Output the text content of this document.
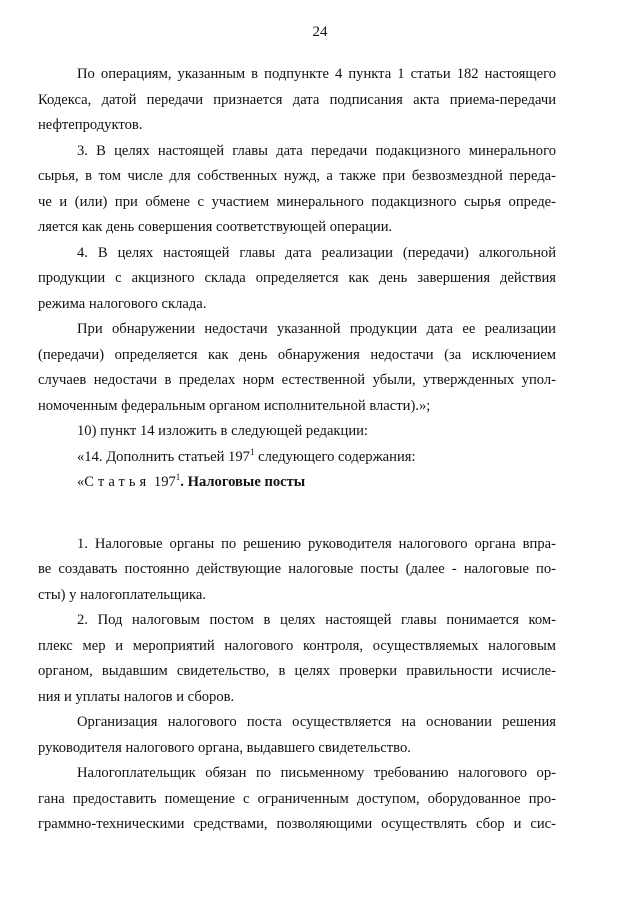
24

По операциям, указанным в подпункте 4 пункта 1 статьи 182 настоящего
Кодекса, датой передачи признается дата подписания акта приема-передачи
нефтепродуктов.

3. В целях настоящей главы дата передачи подакцизного минерального
сырья, в том числе для собственных нужд, а также при безвозмездной переда-
че и (или) при обмене с участием минерального подакцизного сырья опреде-
ляется как день совершения соответствующей операции.

4. В целях настоящей главы дата реализации (передачи) алкогольной
продукции с акцизного склада определяется как день завершения действия
режима налогового склада.

При обнаружении недостачи указанной продукции дата ее реализации
(передачи) определяется как день обнаружения недостачи (за исключением
случаев недостачи в пределах норм естественной убыли, утвержденных упол-
номоченным федеральным органом исполнительной власти).»;

10) пункт 14 изложить в следующей редакции:

«14. Дополнить статьей $197^1$ следующего содержания:

«Статья $197^1$. Налоговые посты

1. Налоговые органы по решению руководителя налогового органа впра-
ве создавать постоянно действующие налоговые посты (далее - налоговые по-
сты) у налогоплательщика.

2. Под налоговым постом в целях настоящей главы понимается ком-
плекс мер и мероприятий налогового контроля, осуществляемых налоговым
органом, выдавшим свидетельство, в целях проверки правильности исчисле-
ния и уплаты налогов и сборов.

Организация налогового поста осуществляется на основании решения
руководителя налогового органа, выдавшего свидетельство.

Налогоплательщик обязан по письменному требованию налогового ор-
гана предоставить помещение с ограниченным доступом, оборудованное про-
граммно-техническими средствами, позволяющими осуществлять сбор и сис-
